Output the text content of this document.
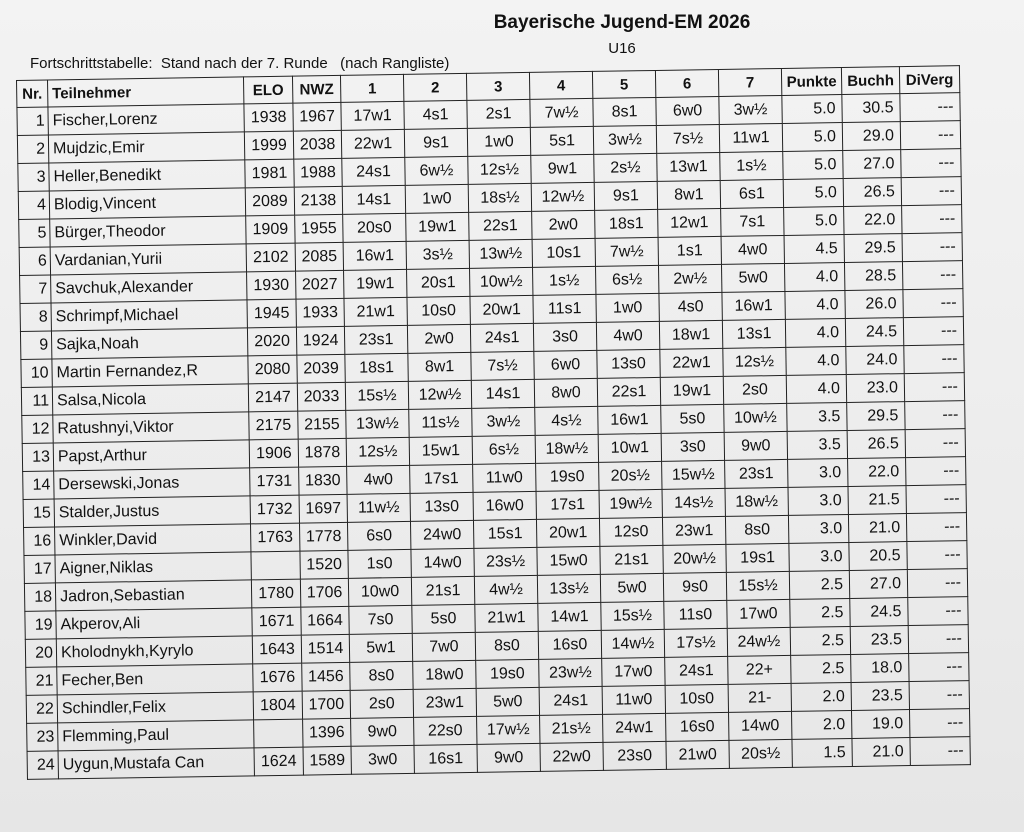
Bayerische Jugend-EM 2026
U16
Fortschrittstabelle:  Stand nach der 7. Runde   (nach Rangliste)
Nr.	Teilnehmer	ELO	NWZ	1	2	3	4	5	6	7	Punkte	Buchh	DiVerg
1	Fischer,Lorenz	1938	1967	17w1	4s1	2s1	7w½	8s1	6w0	3w½	5.0	30.5	---
2	Mujdzic,Emir	1999	2038	22w1	9s1	1w0	5s1	3w½	7s½	11w1	5.0	29.0	---
3	Heller,Benedikt	1981	1988	24s1	6w½	12s½	9w1	2s½	13w1	1s½	5.0	27.0	---
4	Blodig,Vincent	2089	2138	14s1	1w0	18s½	12w½	9s1	8w1	6s1	5.0	26.5	---
5	Bürger,Theodor	1909	1955	20s0	19w1	22s1	2w0	18s1	12w1	7s1	5.0	22.0	---
6	Vardanian,Yurii	2102	2085	16w1	3s½	13w½	10s1	7w½	1s1	4w0	4.5	29.5	---
7	Savchuk,Alexander	1930	2027	19w1	20s1	10w½	1s½	6s½	2w½	5w0	4.0	28.5	---
8	Schrimpf,Michael	1945	1933	21w1	10s0	20w1	11s1	1w0	4s0	16w1	4.0	26.0	---
9	Sajka,Noah	2020	1924	23s1	2w0	24s1	3s0	4w0	18w1	13s1	4.0	24.5	---
10	Martin Fernandez,R	2080	2039	18s1	8w1	7s½	6w0	13s0	22w1	12s½	4.0	24.0	---
11	Salsa,Nicola	2147	2033	15s½	12w½	14s1	8w0	22s1	19w1	2s0	4.0	23.0	---
12	Ratushnyi,Viktor	2175	2155	13w½	11s½	3w½	4s½	16w1	5s0	10w½	3.5	29.5	---
13	Papst,Arthur	1906	1878	12s½	15w1	6s½	18w½	10w1	3s0	9w0	3.5	26.5	---
14	Dersewski,Jonas	1731	1830	4w0	17s1	11w0	19s0	20s½	15w½	23s1	3.0	22.0	---
15	Stalder,Justus	1732	1697	11w½	13s0	16w0	17s1	19w½	14s½	18w½	3.0	21.5	---
16	Winkler,David	1763	1778	6s0	24w0	15s1	20w1	12s0	23w1	8s0	3.0	21.0	---
17	Aigner,Niklas		1520	1s0	14w0	23s½	15w0	21s1	20w½	19s1	3.0	20.5	---
18	Jadron,Sebastian	1780	1706	10w0	21s1	4w½	13s½	5w0	9s0	15s½	2.5	27.0	---
19	Akperov,Ali	1671	1664	7s0	5s0	21w1	14w1	15s½	11s0	17w0	2.5	24.5	---
20	Kholodnykh,Kyrylo	1643	1514	5w1	7w0	8s0	16s0	14w½	17s½	24w½	2.5	23.5	---
21	Fecher,Ben	1676	1456	8s0	18w0	19s0	23w½	17w0	24s1	22+	2.5	18.0	---
22	Schindler,Felix	1804	1700	2s0	23w1	5w0	24s1	11w0	10s0	21-	2.0	23.5	---
23	Flemming,Paul		1396	9w0	22s0	17w½	21s½	24w1	16s0	14w0	2.0	19.0	---
24	Uygun,Mustafa Can	1624	1589	3w0	16s1	9w0	22w0	23s0	21w0	20s½	1.5	21.0	---
